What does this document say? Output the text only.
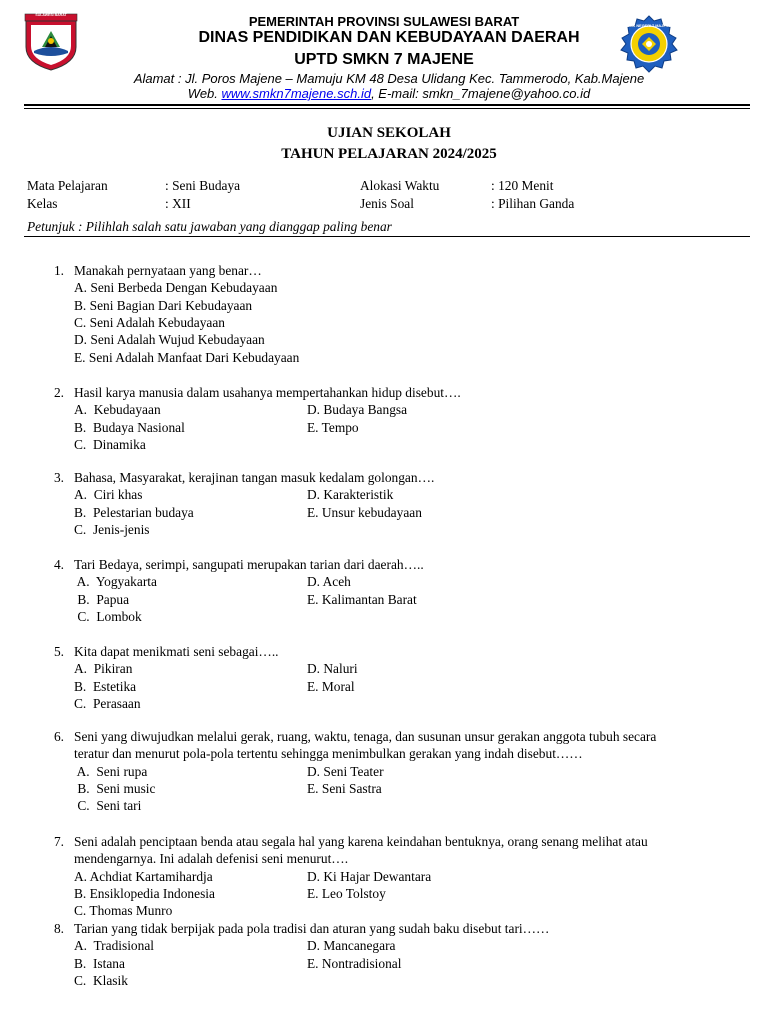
SULAWESI BARAT
SMK NEGERI 7 MAJENE
PEMERINTAH PROVINSI SULAWESI BARAT
DINAS PENDIDIKAN DAN KEBUDAYAAN DAERAH
UPTD SMKN 7 MAJENE
Alamat : Jl. Poros Majene – Mamuju KM 48 Desa Ulidang Kec. Tammerodo, Kab.Majene
Web. www.smkn7majene.sch.id, E-mail: smkn_7majene@yahoo.co.id
UJIAN SEKOLAH
TAHUN PELAJARAN 2024/2025
Mata Pelajaran	: Seni Budaya
Kelas	: XII
Alokasi Waktu	: 120 Menit
Jenis Soal	: Pilihan Ganda
Petunjuk : Pilihlah salah satu jawaban yang dianggap paling benar
1. Manakah pernyataan yang benar…
A. Seni Berbeda Dengan Kebudayaan
B. Seni Bagian Dari Kebudayaan
C. Seni Adalah Kebudayaan
D. Seni Adalah Wujud Kebudayaan
E. Seni Adalah Manfaat Dari Kebudayaan
2. Hasil karya manusia dalam usahanya mempertahankan hidup disebut….
A.  Kebudayaan
B.  Budaya Nasional
C.  Dinamika
D. Budaya Bangsa
E. Tempo
3. Bahasa, Masyarakat, kerajinan tangan masuk kedalam golongan….
A.  Ciri khas
B.  Pelestarian budaya
C.  Jenis-jenis
D. Karakteristik
E. Unsur kebudayaan
4. Tari Bedaya, serimpi, sangupati merupakan tarian dari daerah…..
A.  Yogyakarta
B.  Papua
C.  Lombok
D. Aceh
E. Kalimantan Barat
5. Kita dapat menikmati seni sebagai…..
A.  Pikiran
B.  Estetika
C.  Perasaan
D. Naluri
E. Moral
6. Seni yang diwujudkan melalui gerak, ruang, waktu, tenaga, dan susunan unsur gerakan anggota tubuh secara
teratur dan menurut pola-pola tertentu sehingga menimbulkan gerakan yang indah disebut……
A.  Seni rupa
B.  Seni music
C.  Seni tari
D. Seni Teater
E. Seni Sastra
7. Seni adalah penciptaan benda atau segala hal yang karena keindahan bentuknya, orang senang melihat atau
mendengarnya. Ini adalah defenisi seni menurut….
A. Achdiat Kartamihardja
B. Ensiklopedia Indonesia
C. Thomas Munro
D. Ki Hajar Dewantara
E. Leo Tolstoy
8. Tarian yang tidak berpijak pada pola tradisi dan aturan yang sudah baku disebut tari……
A.  Tradisional
B.  Istana
C.  Klasik
D. Mancanegara
E. Nontradisional
